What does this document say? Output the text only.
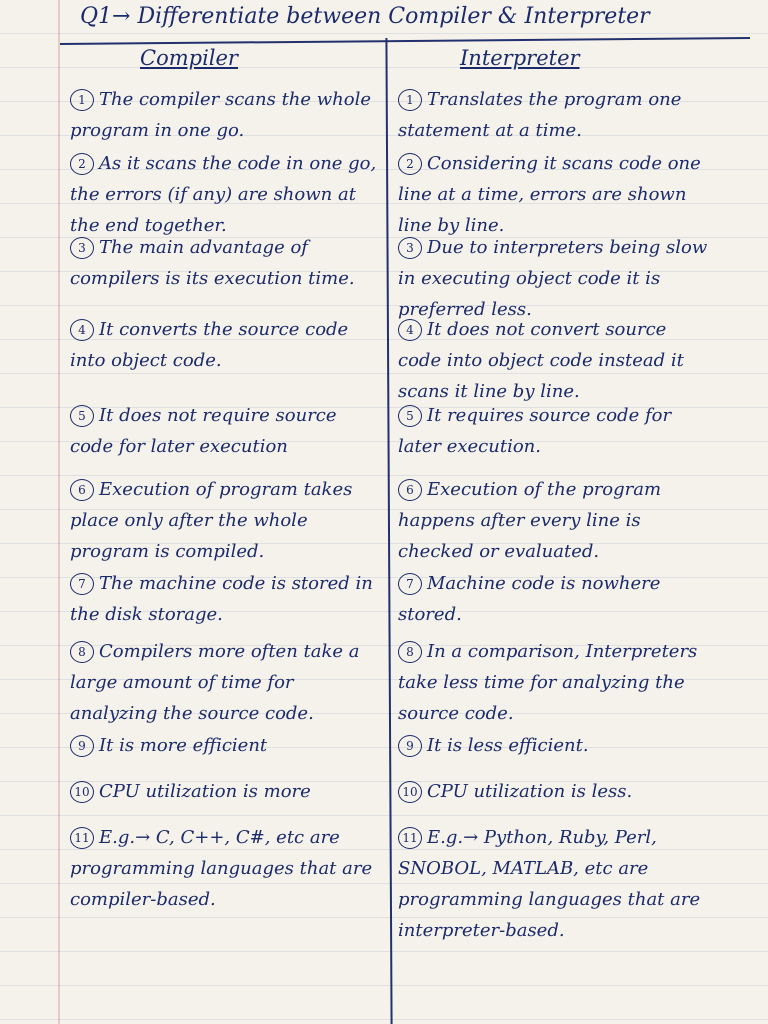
Q1→ Differentiate between Compiler & Interpreter
Compiler	Interpreter
1 The compiler scans the whole program in one go.
2 As it scans the code in one go, the errors (if any) are shown at the end together.
3 The main advantage of compilers is its execution time.
4 It converts the source code into object code.
5 It does not require source code for later execution
6 Execution of program takes place only after the whole program is compiled.
7 The machine code is stored in the disk storage.
8 Compilers more often take a large amount of time for analyzing the source code.
9 It is more efficient
10 CPU utilization is more
11 E.g.→ C, C++, C#, etc are programming languages that are compiler-based.
1 Translates the program one statement at a time.
2 Considering it scans code one line at a time, errors are shown line by line.
3 Due to interpreters being slow in executing object code it is preferred less.
4 It does not convert source code into object code instead it scans it line by line.
5 It requires source code for later execution.
6 Execution of the program happens after every line is checked or evaluated.
7 Machine code is nowhere stored.
8 In a comparison, Interpreters take less time for analyzing the source code.
9 It is less efficient.
10 CPU utilization is less.
11 E.g.→ Python, Ruby, Perl, SNOBOL, MATLAB, etc are programming languages that are interpreter-based.
